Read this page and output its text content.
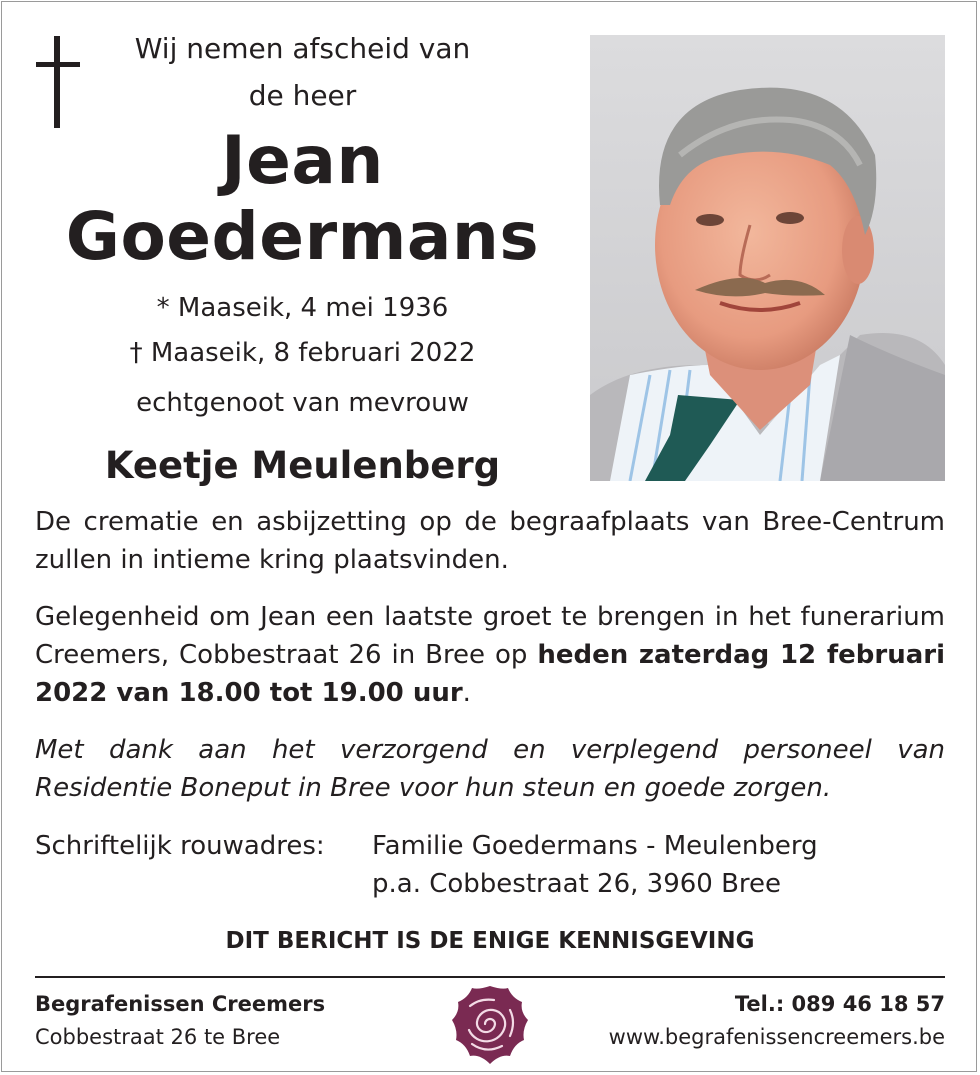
Wij nemen afscheid van
de heer
Jean
Goedermans
* Maaseik, 4 mei 1936
† Maaseik, 8 februari 2022
echtgenoot van mevrouw
Keetje Meulenberg
De crematie en asbijzetting op de begraafplaats van Bree-Centrum zullen in intieme kring plaatsvinden.
Gelegenheid om Jean een laatste groet te brengen in het funerarium Creemers, Cobbestraat 26 in Bree op heden zaterdag 12 februari 2022 van 18.00 tot 19.00 uur.
Met dank aan het verzorgend en verplegend personeel van Residentie Boneput in Bree voor hun steun en goede zorgen.
Schriftelijk rouwadres: Familie Goedermans - Meulenberg
p.a. Cobbestraat 26, 3960 Bree
DIT BERICHT IS DE ENIGE KENNISGEVING
Begrafenissen Creemers
Cobbestraat 26 te Bree
Tel.: 089 46 18 57
www.begrafenissencreemers.be
